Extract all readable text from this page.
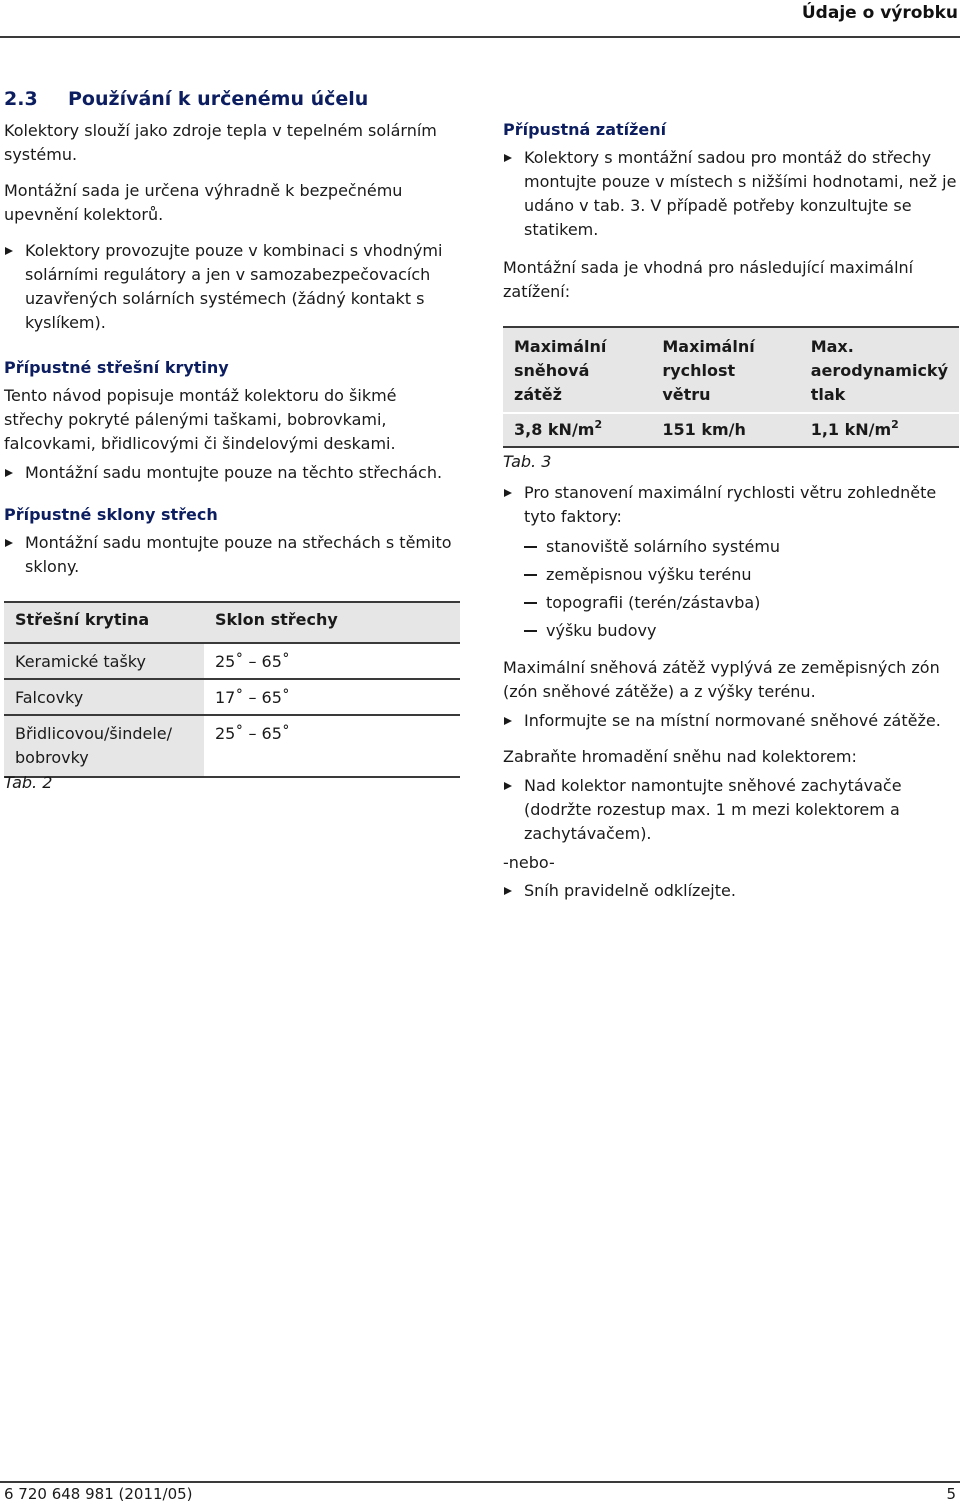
Údaje o výrobku
2.3 Používání k určenému účelu

Kolektory slouží jako zdroje tepla v tepelném solárním systému.

Montážní sada je určena výhradně k bezpečnému upevnění kolektorů.

Kolektory provozujte pouze v kombinaci s vhodnými solárními regulátory a jen v samozabezpečovacích uzavřených solárních systémech (žádný kontakt s kyslíkem).

Přípustné střešní krytiny

Tento návod popisuje montáž kolektoru do šikmé střechy pokryté pálenými taškami, bobrovkami, falcovkami, břidlicovými či šindelovými deskami.

Montážní sadu montujte pouze na těchto střechách.

Přípustné sklony střech

Montážní sadu montujte pouze na střechách s těmito sklony.
Střešní krytina	Sklon střechy
Keramické tašky	25˚ – 65˚
Falcovky	17˚ – 65˚
Břidlicovou/šindele/ bobrovky	25˚ – 65˚

Tab. 2

Přípustná zatížení

Kolektory s montážní sadou pro montáž do střechy montujte pouze v místech s nižšími hodnotami, než je udáno v tab. 3. V případě potřeby konzultujte se statikem.

Montážní sada je vhodná pro následující maximální zatížení:

Maximální sněhová zátěž	Maximální rychlost větru	Max. aerodynamický tlak
3,8 $kN/m^2$	151 km/h	1,1 $kN/m^2$

Tab. 3

Pro stanovení maximální rychlosti větru zohledněte tyto faktory:
stanoviště solárního systému
zeměpisnou výšku terénu
topografii (terén/zástavba)
výšku budovy

Maximální sněhová zátěž vyplývá ze zeměpisných zón (zón sněhové zátěže) a z výšky terénu.

Informujte se na místní normované sněhové zátěže.

Zabraňte hromadění sněhu nad kolektorem:

Nad kolektor namontujte sněhové zachytávače (dodržte rozestup max. 1 m mezi kolektorem a zachytávačem).

-nebo-

Sníh pravidelně odklízejte.
6 720 648 981 (2011/05)	5
